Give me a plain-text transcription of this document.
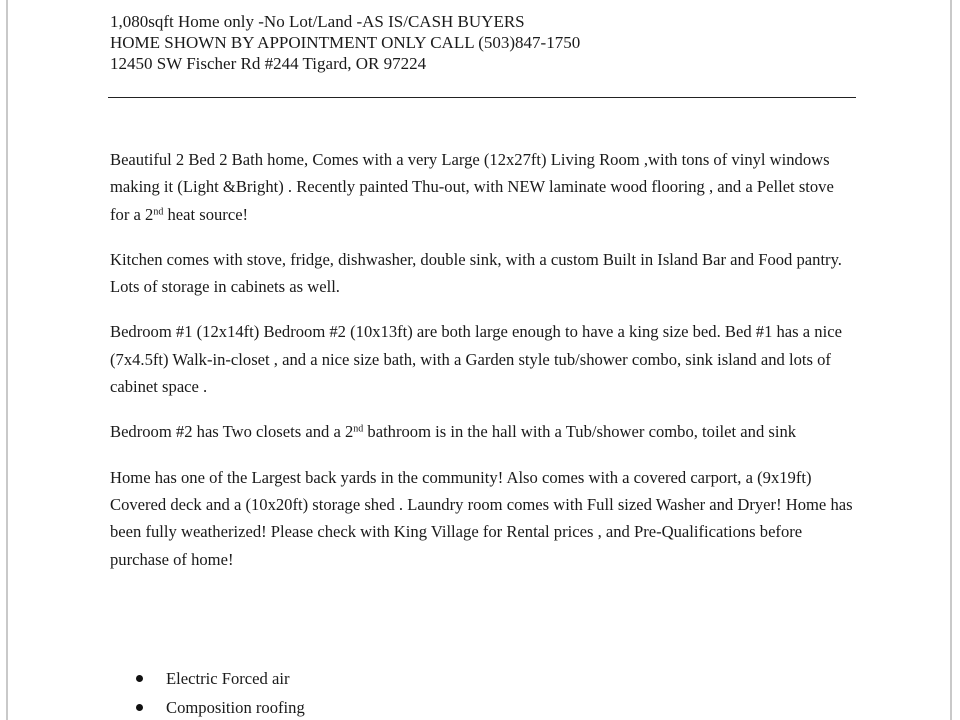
1,080sqft Home only -No Lot/Land -AS IS/CASH BUYERS
HOME SHOWN BY APPOINTMENT ONLY CALL (503)847-1750
12450 SW Fischer Rd #244 Tigard, OR 97224

Beautiful 2 Bed 2 Bath home, Comes with a very Large (12x27ft) Living Room ,with tons of vinyl windows making it (Light &Bright) . Recently painted Thu-out, with NEW laminate wood flooring , and a Pellet stove for a 2nd heat source!

Kitchen comes with stove, fridge, dishwasher, double sink, with a custom Built in Island Bar and Food pantry. Lots of storage in cabinets as well.

Bedroom #1 (12x14ft) Bedroom #2 (10x13ft) are both large enough to have a king size bed. Bed #1 has a nice (7x4.5ft) Walk-in-closet , and a nice size bath, with a Garden style tub/shower combo, sink island and lots of cabinet space .

Bedroom #2 has Two closets and a 2nd bathroom is in the hall with a Tub/shower combo, toilet and sink

Home has one of the Largest back yards in the community! Also comes with a covered carport, a (9x19ft) Covered deck and a (10x20ft) storage shed . Laundry room comes with Full sized Washer and Dryer! Home has been fully weatherized! Please check with King Village for Rental prices , and Pre-Qualifications before purchase of home!

Electric Forced air
Composition roofing
